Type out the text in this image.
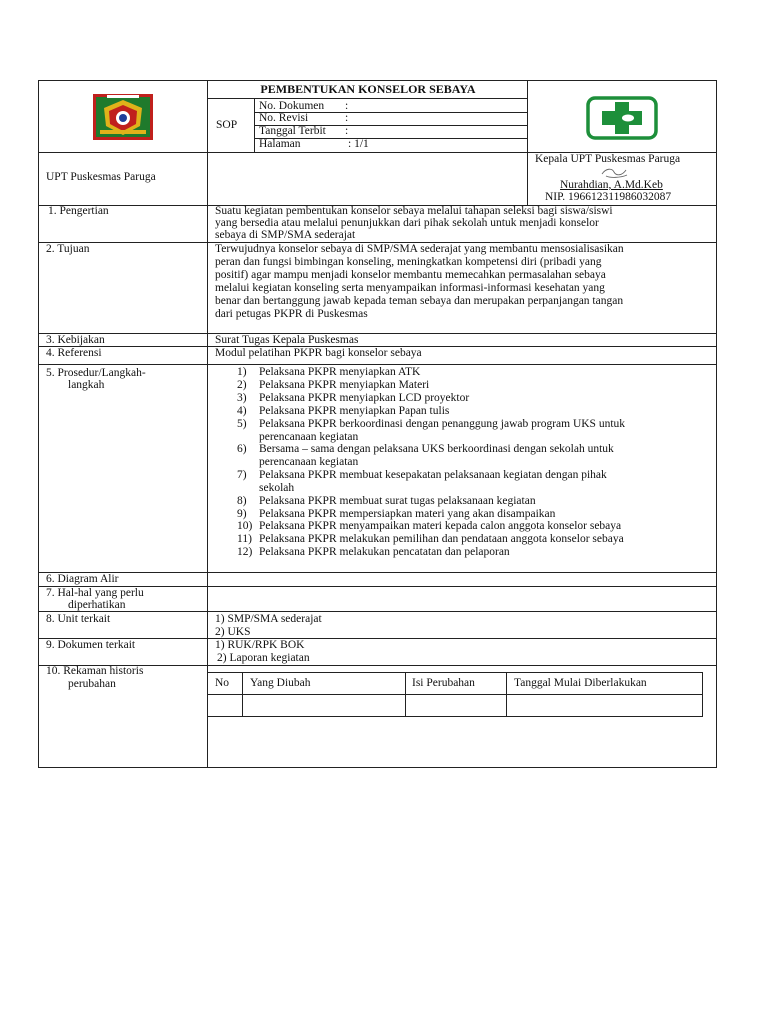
PEMBENTUKAN KONSELOR SEBAYA
SOP
No. Dokumen :
No. Revisi	:
Tanggal Terbit :
Halaman	: 1/1
UPT Puskesmas Paruga
Kepala UPT Puskesmas Paruga
Nurahdian, A.Md.Keb
NIP. 196612311986032087
1. Pengertian	Suatu kegiatan pembentukan konselor sebaya melalui tahapan seleksi bagi siswa/siswi
yang bersedia atau melalui penunjukkan dari pihak sekolah untuk menjadi konselor
sebaya di SMP/SMA sederajat
2. Tujuan	Terwujudnya konselor sebaya di SMP/SMA sederajat yang membantu mensosialisasikan
peran dan fungsi bimbingan konseling, meningkatkan kompetensi diri (pribadi yang
positif) agar mampu menjadi konselor membantu memecahkan permasalahan sebaya
melalui kegiatan konseling serta menyampaikan informasi-informasi kesehatan yang
benar dan bertanggung jawab kepada teman sebaya dan merupakan perpanjangan tangan
dari petugas PKPR di Puskesmas
3. Kebijakan	Surat Tugas Kepala Puskesmas
4. Referensi	Modul pelatihan PKPR bagi konselor sebaya
5. Prosedur/Langkah-
langkah
1) Pelaksana PKPR menyiapkan ATK
2) Pelaksana PKPR menyiapkan Materi
3) Pelaksana PKPR menyiapkan LCD proyektor
4) Pelaksana PKPR menyiapkan Papan tulis
5) Pelaksana PKPR berkoordinasi dengan penanggung jawab program UKS untuk
perencanaan kegiatan
6) Bersama – sama dengan pelaksana UKS berkoordinasi dengan sekolah untuk
perencanaan kegiatan
7) Pelaksana PKPR membuat kesepakatan pelaksanaan kegiatan dengan pihak
sekolah
8) Pelaksana PKPR membuat surat tugas pelaksanaan kegiatan
9) Pelaksana PKPR mempersiapkan materi yang akan disampaikan
10) Pelaksana PKPR menyampaikan materi kepada calon anggota konselor sebaya
11) Pelaksana PKPR melakukan pemilihan dan pendataan anggota konselor sebaya
12) Pelaksana PKPR melakukan pencatatan dan pelaporan
6. Diagram Alir
7. Hal-hal yang perlu
diperhatikan
8. Unit terkait	1) SMP/SMA sederajat
2) UKS
9. Dokumen terkait	1) RUK/RPK BOK
2) Laporan kegiatan
10. Rekaman historis
perubahan	No Yang Diubah	Isi Perubahan	Tanggal Mulai Diberlakukan
